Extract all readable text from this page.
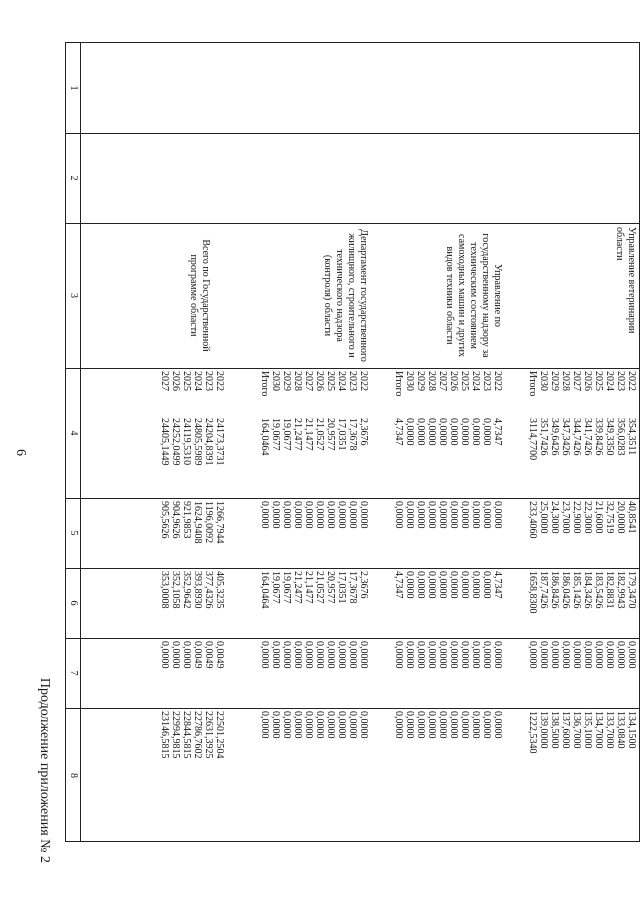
6
Продолжение приложения № 2
1
2
3
4
5
6
7
8
Управление ветеринарии области
2022
2023
2024
2025
2026
2027
2028
2029
2030
Итого
354,3511
356,0283
349,3350
339,8426
341,7426
344,7426
347,3426
349,6426
351,7426
3114,7700
40,8541
20,0000
32,7519
21,6000
22,3000
22,9000
23,7000
24,3000
25,0000
233,4060
179,3470
182,9943
182,8831
183,5426
184,3426
185,1426
186,0426
186,8426
187,7426
1658,8300
0,0000
0,0000
0,0000
0,0000
0,0000
0,0000
0,0000
0,0000
0,0000
0,0000
134,1500
133,0840
133,7000
134,7000
135,1000
136,7000
137,6000
138,5000
139,0000
1222,5340
Управление по государственному надзору за техническим состоянием самоходных машин и других видов техники области
2022
2023
2024
2025
2026
2027
2028
2029
2030
Итого
4,7347
0,0000
0,0000
0,0000
0,0000
0,0000
0,0000
0,0000
0,0000
4,7347
0,0000
0,0000
0,0000
0,0000
0,0000
0,0000
0,0000
0,0000
0,0000
0,0000
4,7347
0,0000
0,0000
0,0000
0,0000
0,0000
0,0000
0,0000
0,0000
4,7347
0,0000
0,0000
0,0000
0,0000
0,0000
0,0000
0,0000
0,0000
0,0000
0,0000
0,0000
0,0000
0,0000
0,0000
0,0000
0,0000
0,0000
0,0000
0,0000
0,0000
Департамент государственного жилищного, строительного и технического надзора (контроля) области
2022
2023
2024
2025
2026
2027
2028
2029
2030
Итого
2,3676
17,3678
17,0351
20,9577
21,0527
21,1477
21,2477
19,0677
19,0677
164,0464
0,0000
0,0000
0,0000
0,0000
0,0000
0,0000
0,0000
0,0000
0,0000
0,0000
2,3676
17,3678
17,0351
20,9577
21,0527
21,1477
21,2477
19,0677
19,0677
164,0464
0,0000
0,0000
0,0000
0,0000
0,0000
0,0000
0,0000
0,0000
0,0000
0,0000
0,0000
0,0000
0,0000
0,0000
0,0000
0,0000
0,0000
0,0000
0,0000
0,0000
Всего по Государственной программе области
2022
2023
2024
2025
2026
2027
24173,3731
24204,8391
24805,5989
24119,5310
24252,0499
24405,1449
1266,7944
1196,0092
1624,9408
921,9853
904,9626
905,5626
405,3235
377,4326
393,8930
352,9642
352,1058
353,0008
0,0049
0,0049
0,0049
0,0000
0,0000
0,0000
22501,2504
22631,3925
22786,7602
22844,5815
22994,9815
23146,5815
